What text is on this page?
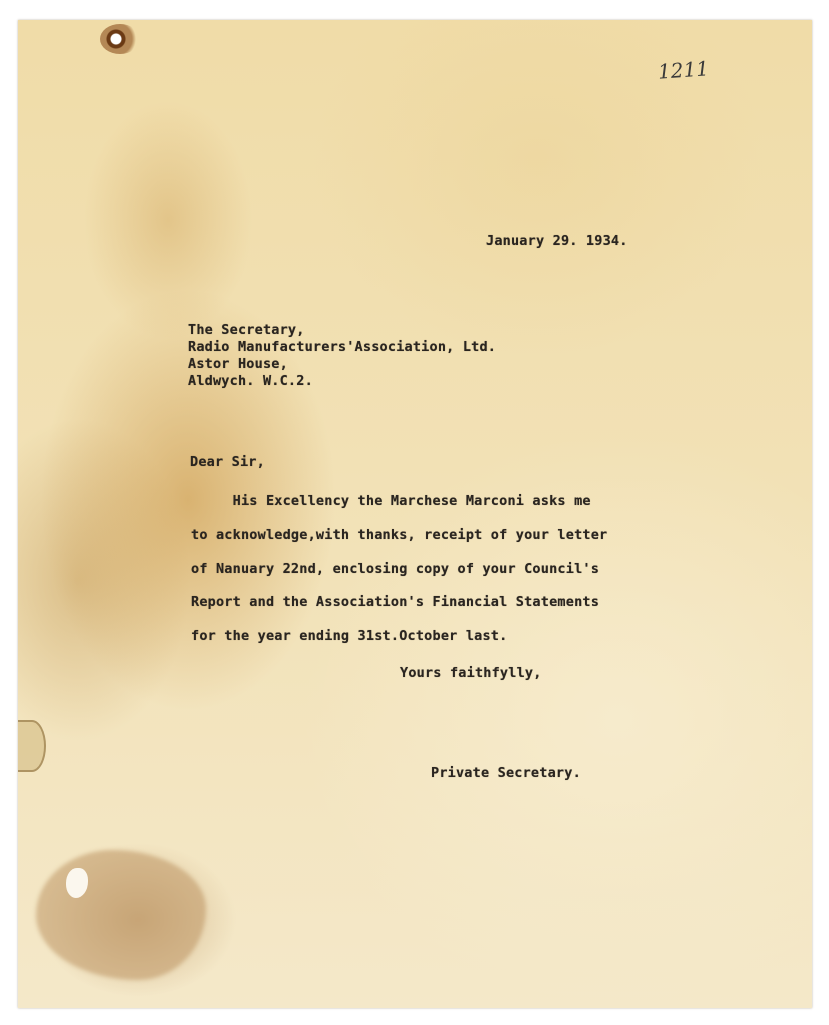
1211
January 29. 1934.
The Secretary,
Radio Manufacturers'Association, Ltd.
Astor House,
Aldwych. W.C.2.
Dear Sir,
His Excellency the Marchese Marconi asks me
to acknowledge,with thanks, receipt of your letter
of Nanuary 22nd, enclosing copy of your Council's
Report and the Association's Financial Statements
for the year ending 31st.October last.
Yours faithfylly,
Private Secretary.
